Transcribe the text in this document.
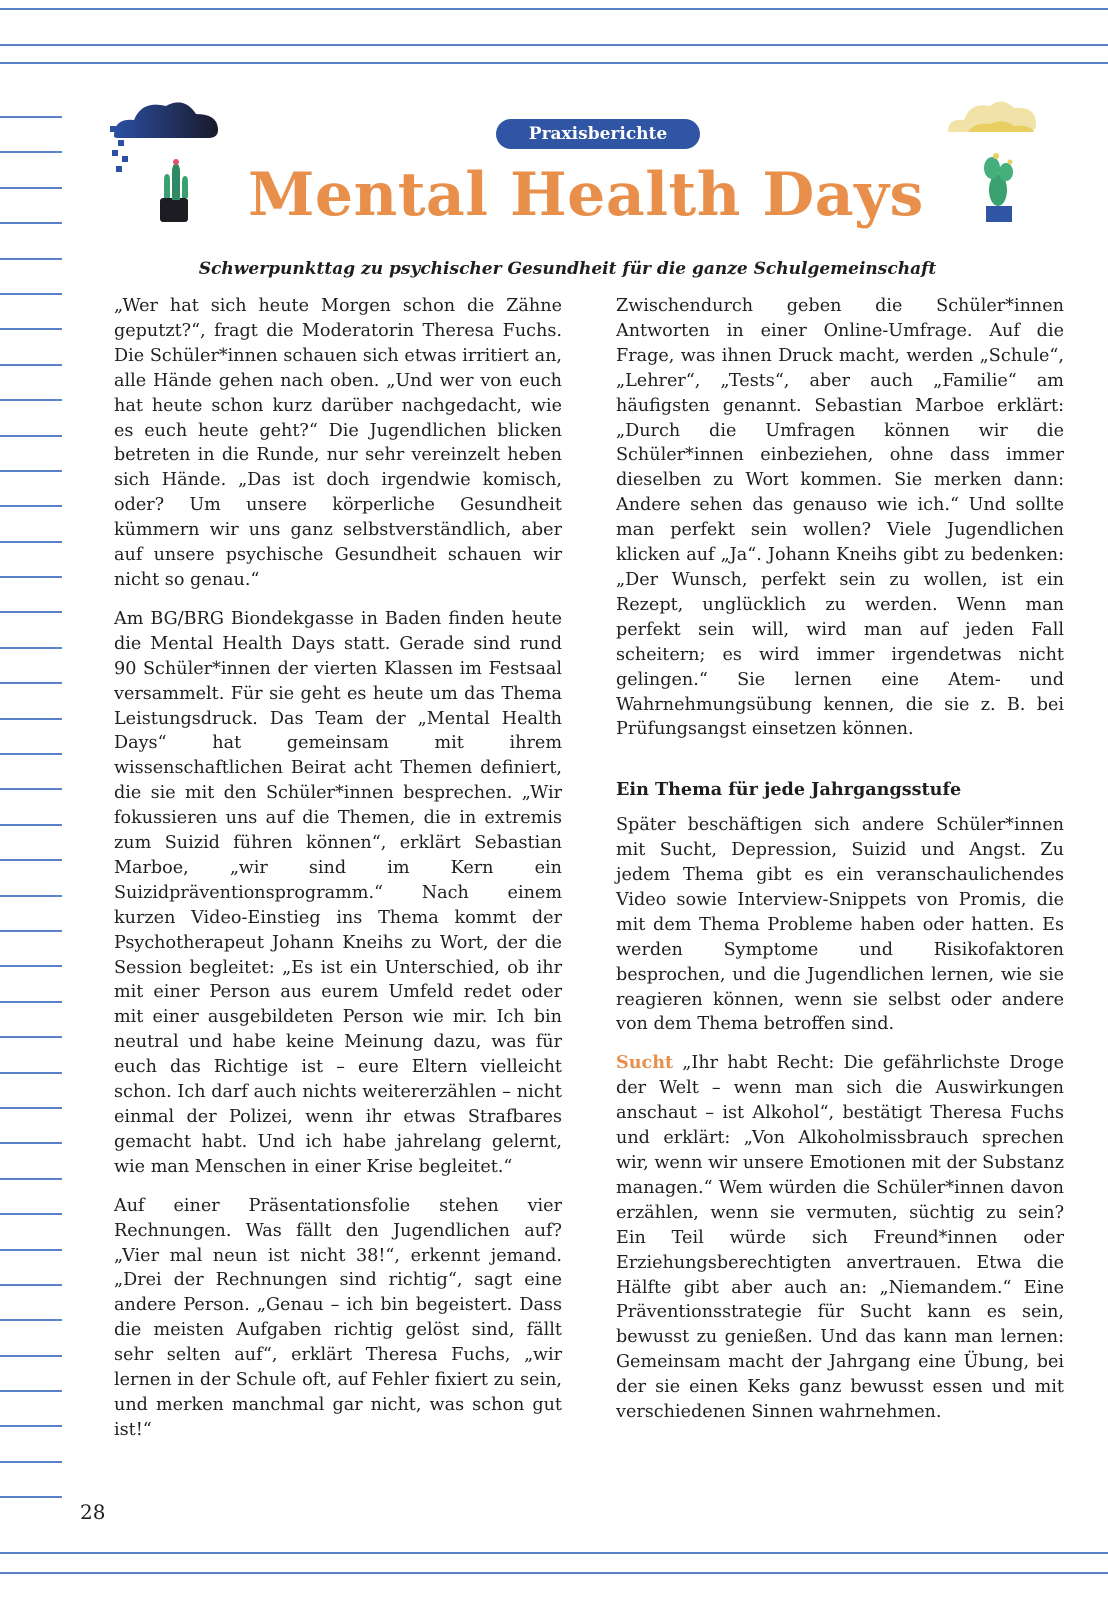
Praxisberichte
Mental Health Days
Schwerpunkttag zu psychischer Gesundheit für die ganze Schulgemeinschaft

„Wer hat sich heute Morgen schon die Zähne geputzt?“, fragt die Moderatorin Theresa Fuchs. Die Schüler*innen schauen sich etwas irritiert an, alle Hände gehen nach oben. „Und wer von euch hat heute schon kurz darüber nachgedacht, wie es euch heute geht?“ Die Jugendlichen blicken betreten in die Runde, nur sehr vereinzelt heben sich Hände. „Das ist doch irgendwie komisch, oder? Um unsere körperliche Gesundheit kümmern wir uns ganz selbstverständlich, aber auf unsere psychische Gesundheit schauen wir nicht so genau.“

Am BG/BRG Biondekgasse in Baden finden heute die Mental Health Days statt. Gerade sind rund 90 Schüler*innen der vierten Klassen im Festsaal versammelt. Für sie geht es heute um das Thema Leistungsdruck. Das Team der „Mental Health Days“ hat gemeinsam mit ihrem wissenschaftlichen Beirat acht Themen definiert, die sie mit den Schüler*innen besprechen. „Wir fokussieren uns auf die Themen, die in extremis zum Suizid führen können“, erklärt Sebastian Marboe, „wir sind im Kern ein Suizidpräventionsprogramm.“ Nach einem kurzen Video-Einstieg ins Thema kommt der Psychotherapeut Johann Kneihs zu Wort, der die Session begleitet: „Es ist ein Unterschied, ob ihr mit einer Person aus eurem Umfeld redet oder mit einer ausgebildeten Person wie mir. Ich bin neutral und habe keine Meinung dazu, was für euch das Richtige ist – eure Eltern vielleicht schon. Ich darf auch nichts weitererzählen – nicht einmal der Polizei, wenn ihr etwas Strafbares gemacht habt. Und ich habe jahrelang gelernt, wie man Menschen in einer Krise begleitet.“

Auf einer Präsentationsfolie stehen vier Rechnungen. Was fällt den Jugendlichen auf? „Vier mal neun ist nicht 38!“, erkennt jemand. „Drei der Rechnungen sind richtig“, sagt eine andere Person. „Genau – ich bin begeistert. Dass die meisten Aufgaben richtig gelöst sind, fällt sehr selten auf“, erklärt Theresa Fuchs, „wir lernen in der Schule oft, auf Fehler fixiert zu sein, und merken manchmal gar nicht, was schon gut ist!“

Zwischendurch geben die Schüler*innen Antworten in einer Online-Umfrage. Auf die Frage, was ihnen Druck macht, werden „Schule“, „Lehrer“, „Tests“, aber auch „Familie“ am häufigsten genannt. Sebastian Marboe erklärt: „Durch die Umfragen können wir die Schüler*innen einbeziehen, ohne dass immer dieselben zu Wort kommen. Sie merken dann: Andere sehen das genauso wie ich.“ Und sollte man perfekt sein wollen? Viele Jugendlichen klicken auf „Ja“. Johann Kneihs gibt zu bedenken: „Der Wunsch, perfekt sein zu wollen, ist ein Rezept, unglücklich zu werden. Wenn man perfekt sein will, wird man auf jeden Fall scheitern; es wird immer irgendetwas nicht gelingen.“ Sie lernen eine Atem- und Wahrnehmungsübung kennen, die sie z. B. bei Prüfungsangst einsetzen können.

Ein Thema für jede Jahrgangsstufe

Später beschäftigen sich andere Schüler*innen mit Sucht, Depression, Suizid und Angst. Zu jedem Thema gibt es ein veranschaulichendes Video sowie Interview-Snippets von Promis, die mit dem Thema Probleme haben oder hatten. Es werden Symptome und Risikofaktoren besprochen, und die Jugendlichen lernen, wie sie reagieren können, wenn sie selbst oder andere von dem Thema betroffen sind.

Sucht „Ihr habt Recht: Die gefährlichste Droge der Welt – wenn man sich die Auswirkungen anschaut – ist Alkohol“, bestätigt Theresa Fuchs und erklärt: „Von Alkoholmissbrauch sprechen wir, wenn wir unsere Emotionen mit der Substanz managen.“ Wem würden die Schüler*innen davon erzählen, wenn sie vermuten, süchtig zu sein? Ein Teil würde sich Freund*innen oder Erziehungsberechtigten anvertrauen. Etwa die Hälfte gibt aber auch an: „Niemandem.“ Eine Präventionsstrategie für Sucht kann es sein, bewusst zu genießen. Und das kann man lernen: Gemeinsam macht der Jahrgang eine Übung, bei der sie einen Keks ganz bewusst essen und mit verschiedenen Sinnen wahrnehmen.

28
